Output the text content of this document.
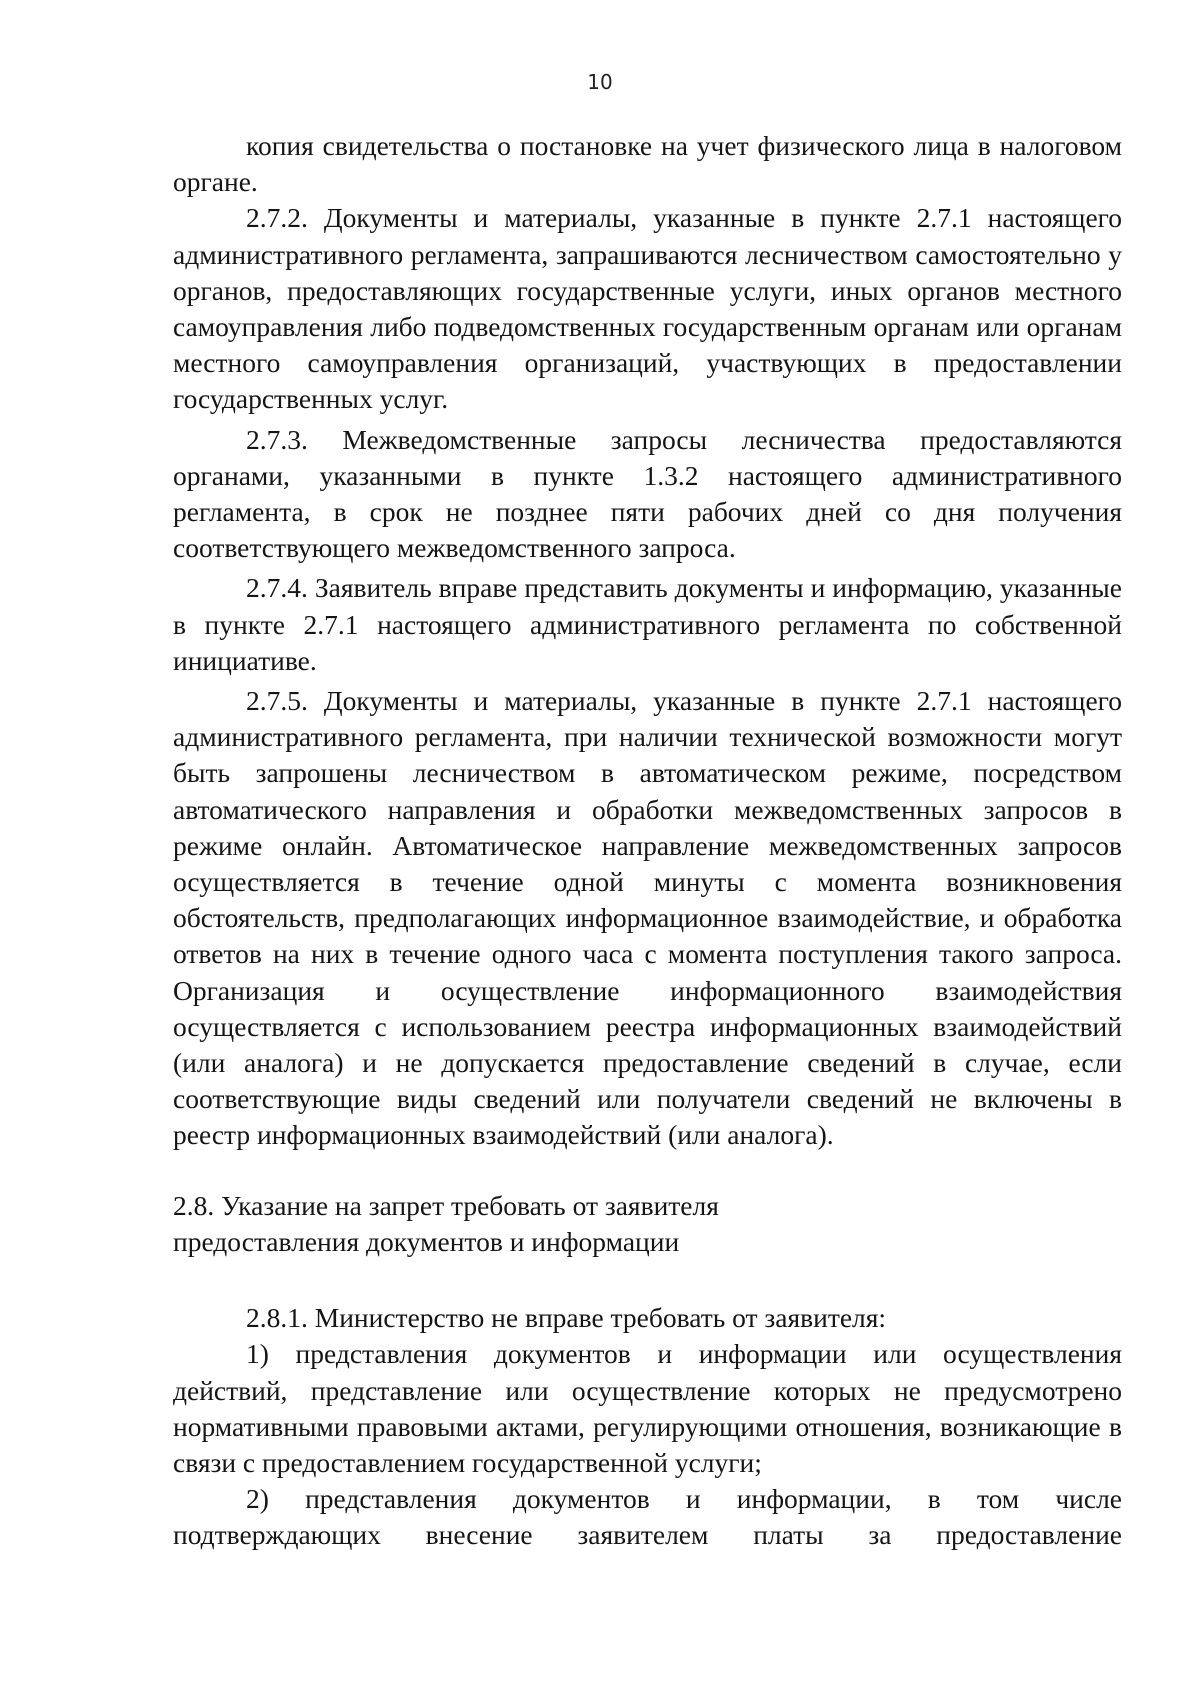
10

копия свидетельства о постановке на учет физического лица в налоговом органе.

2.7.2. Документы и материалы, указанные в пункте 2.7.1 настоящего административного регламента, запрашиваются лесничеством самостоятельно у органов, предоставляющих государственные услуги, иных органов местного самоуправления либо подведомственных государственным органам или органам местного самоуправления организаций, участвующих в предоставлении государственных услуг.

2.7.3. Межведомственные запросы лесничества предоставляются органами, указанными в пункте 1.3.2 настоящего административного регламента, в срок не позднее пяти рабочих дней со дня получения соответствующего межведомственного запроса.

2.7.4. Заявитель вправе представить документы и информацию, указанные в пункте 2.7.1 настоящего административного регламента по собственной инициативе.

2.7.5. Документы и материалы, указанные в пункте 2.7.1 настоящего административного регламента, при наличии технической возможности могут быть запрошены лесничеством в автоматическом режиме, посредством автоматического направления и обработки межведомственных запросов в режиме онлайн. Автоматическое направление межведомственных запросов осуществляется в течение одной минуты с момента возникновения обстоятельств, предполагающих информационное взаимодействие, и обработка ответов на них в течение одного часа с момента поступления такого запроса. Организация и осуществление информационного взаимодействия осуществляется с использованием реестра информационных взаимодействий (или аналога) и не допускается предоставление сведений в случае, если соответствующие виды сведений или получатели сведений не включены в реестр информационных взаимодействий (или аналога).

2.8. Указание на запрет требовать от заявителя
предоставления документов и информации

2.8.1. Министерство не вправе требовать от заявителя:

1) представления документов и информации или осуществления действий, представление или осуществление которых не предусмотрено нормативными правовыми актами, регулирующими отношения, возникающие в связи с предоставлением государственной услуги;

2) представления документов и информации, в том числе подтверждающих внесение заявителем платы за предоставление
